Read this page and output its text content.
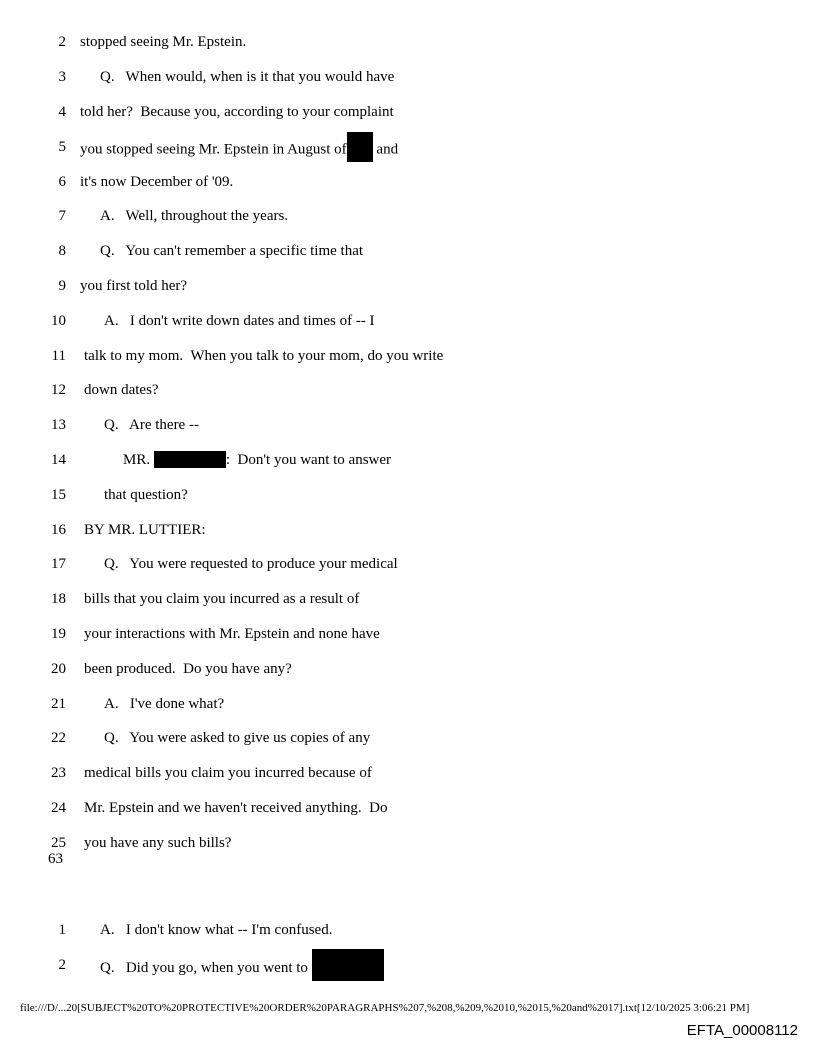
2 stopped seeing Mr. Epstein.
3 Q.   When would, when is it that you would have
4 told her?  Because you, according to your complaint
5 you stopped seeing Mr. Epstein in August of and
6 it's now December of '09.
7 A.   Well, throughout the years.
8 Q.   You can't remember a specific time that
9 you first told her?
10	A.   I don't write down dates and times of -- I
11 talk to my mom.  When you talk to your mom, do you write
12 down dates?
13	Q.   Are there --
14	MR.	:  Don't you want to answer
15	that question?
16 BY MR. LUTTIER:
17	Q.   You were requested to produce your medical
18 bills that you claim you incurred as a result of
19 your interactions with Mr. Epstein and none have
20 been produced.  Do you have any?
21	A.   I've done what?
22	Q.   You were asked to give us copies of any
23 medical bills you claim you incurred because of
24 Mr. Epstein and we haven't received anything.  Do
25 you have any such bills?
63
1 A.   I don't know what -- I'm confused.
2 Q.   Did you go, when you went to
file:///D/...20[SUBJECT%20TO%20PROTECTIVE%20ORDER%20PARAGRAPHS%207,%208,%209,%2010,%2015,%20and%2017].txt[12/10/2025 3:06:21 PM]
EFTA_00008112
